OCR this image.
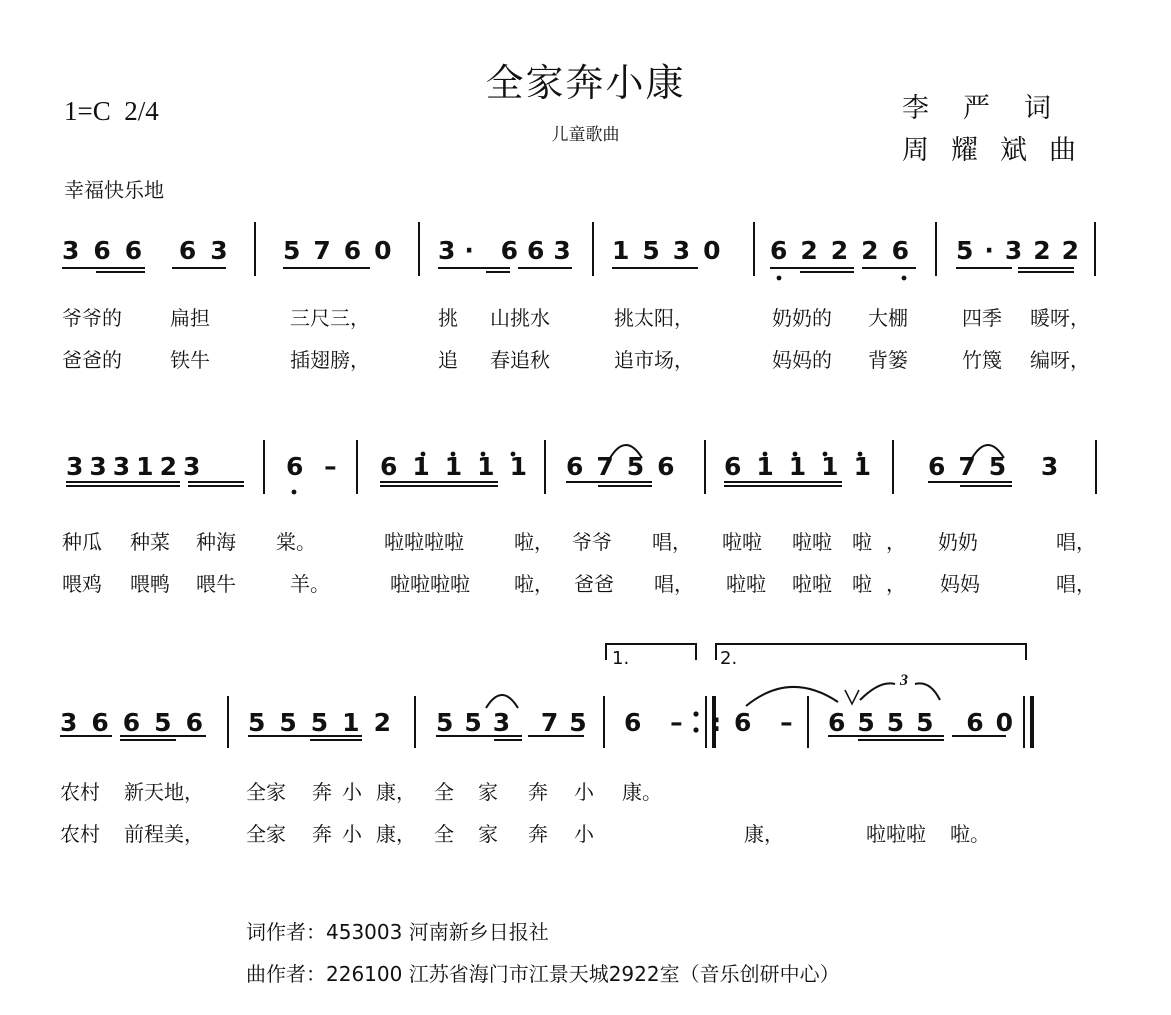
全家奔小康
儿童歌曲
1=C  2/4	李严词
周耀斌曲
幸福快乐地
366 63 5760 3· 663 1530 62226 5·322
爷爷的 扁担	三尺三，	挑 山挑水	挑太阳，	奶奶的 大棚	四季 暖呀，
爸爸的 铁牛	插翅膀，	追 春追秋	追市场，	妈妈的 背篓	竹篾 编呀，
333123	6 – 61111 6756 61111 675 3
种瓜 种菜 种海 棠。	啦啦啦啦	啦， 爷爷 唱， 啦啦 啦啦 啦 ， 奶奶	唱，
喂鸡 喂鸭 喂牛	羊。	啦啦啦啦 啦， 爸爸 唱， 啦啦 啦啦 啦 ， 妈妈	唱，
1.	2.
3
36656 55512 553 75 6 – : 6 – 6555 60
农村 新天地， 全家 奔小 康， 全 家 奔 小 康。
农村 前程美， 全家 奔小 康， 全 家 奔 小	康，	啦啦啦 啦。
词作者：453003 河南新乡日报社
曲作者：226100 江苏省海门市江景天城2922室（音乐创研中心）
